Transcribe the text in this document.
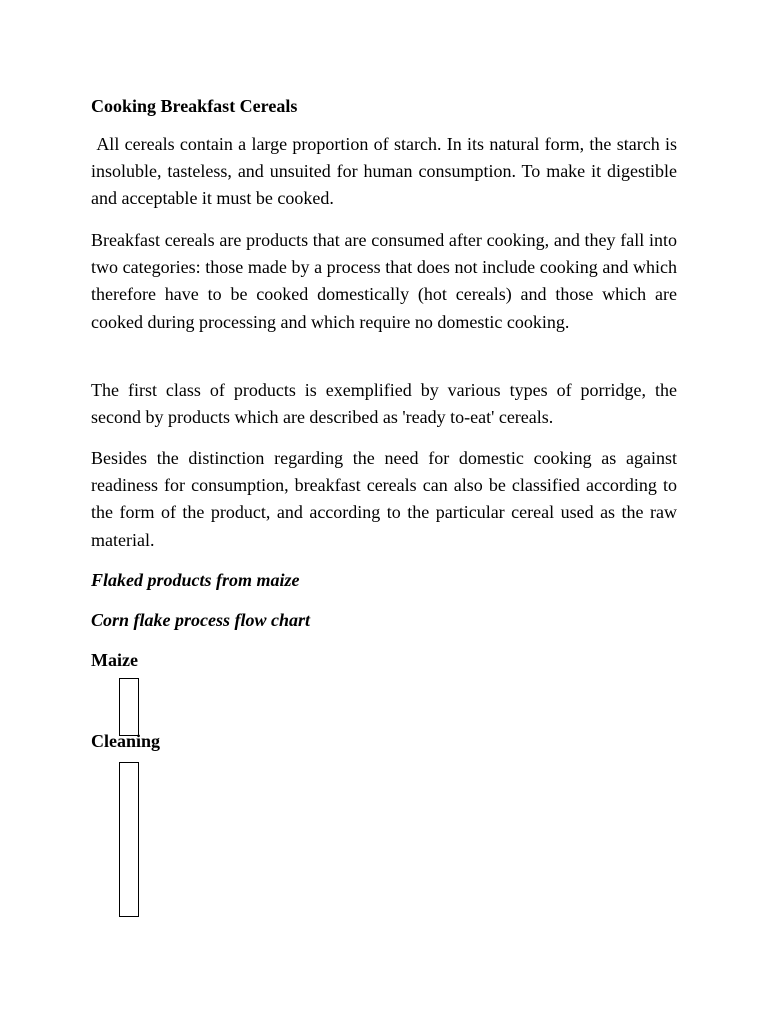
Cooking Breakfast Cereals

All cereals contain a large proportion of starch. In its natural form, the starch is insoluble, tasteless, and unsuited for human consumption. To make it digestible and acceptable it must be cooked.

Breakfast cereals are products that are consumed after cooking, and they fall into two categories: those made by a process that does not include cooking and which therefore have to be cooked domestically (hot cereals) and those which are cooked during processing and which require no domestic cooking.

The first class of products is exemplified by various types of porridge, the second by products which are described as 'ready to-eat' cereals.

Besides the distinction regarding the need for domestic cooking as against readiness for consumption, breakfast cereals can also be classified according to the form of the product, and according to the particular cereal used as the raw material.

Flaked products from maize

Corn flake process flow chart

Maize

Cleaning
